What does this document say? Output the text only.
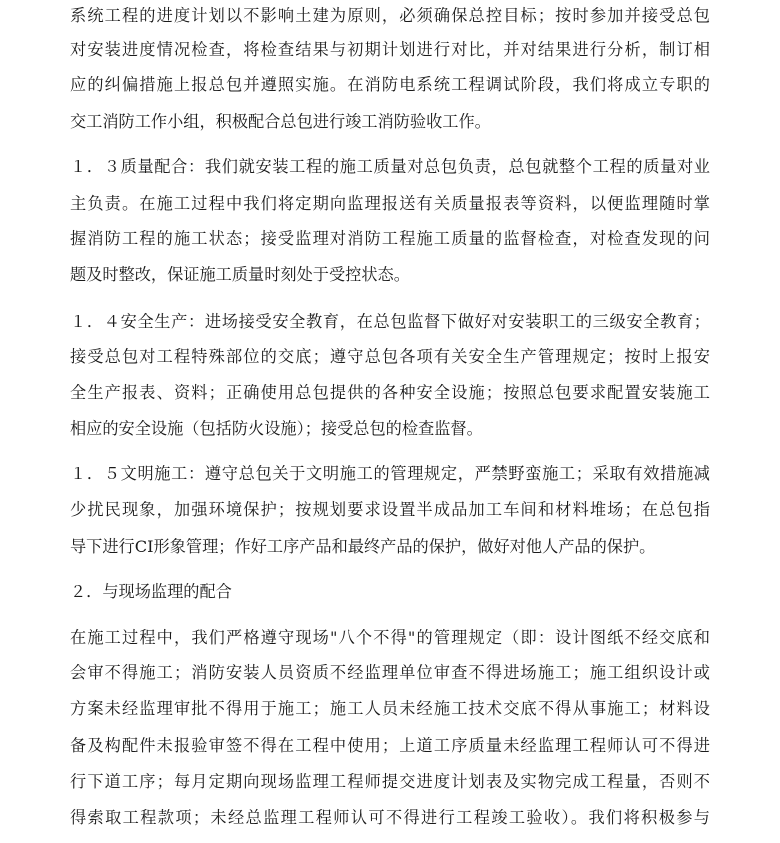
系统工程的进度计划以不影响土建为原则，必须确保总控目标；按时参加并接受总包
对安装进度情况检查，将检查结果与初期计划进行对比，并对结果进行分析，制订相
应的纠偏措施上报总包并遵照实施。在消防电系统工程调试阶段，我们将成立专职的
交工消防工作小组，积极配合总包进行竣工消防验收工作。
１．３质量配合：我们就安装工程的施工质量对总包负责，总包就整个工程的质量对业
主负责。在施工过程中我们将定期向监理报送有关质量报表等资料，以便监理随时掌
握消防工程的施工状态；接受监理对消防工程施工质量的监督检查，对检查发现的问
题及时整改，保证施工质量时刻处于受控状态。
１．４安全生产：进场接受安全教育，在总包监督下做好对安装职工的三级安全教育；
接受总包对工程特殊部位的交底；遵守总包各项有关安全生产管理规定；按时上报安
全生产报表、资料；正确使用总包提供的各种安全设施；按照总包要求配置安装施工
相应的安全设施（包括防火设施）；接受总包的检查监督。
１．５文明施工：遵守总包关于文明施工的管理规定，严禁野蛮施工；采取有效措施减
少扰民现象，加强环境保护；按规划要求设置半成品加工车间和材料堆场；在总包指
导下进行CI形象管理；作好工序产品和最终产品的保护，做好对他人产品的保护。
２．与现场监理的配合
在施工过程中，我们严格遵守现场"八个不得"的管理规定（即：设计图纸不经交底和
会审不得施工；消防安装人员资质不经监理单位审查不得进场施工；施工组织设计或
方案未经监理审批不得用于施工；施工人员未经施工技术交底不得从事施工；材料设
备及构配件未报验审签不得在工程中使用；上道工序质量未经监理工程师认可不得进
行下道工序；每月定期向现场监理工程师提交进度计划表及实物完成工程量，否则不
得索取工程款项；未经总监理工程师认可不得进行工程竣工验收）。我们将积极参与
